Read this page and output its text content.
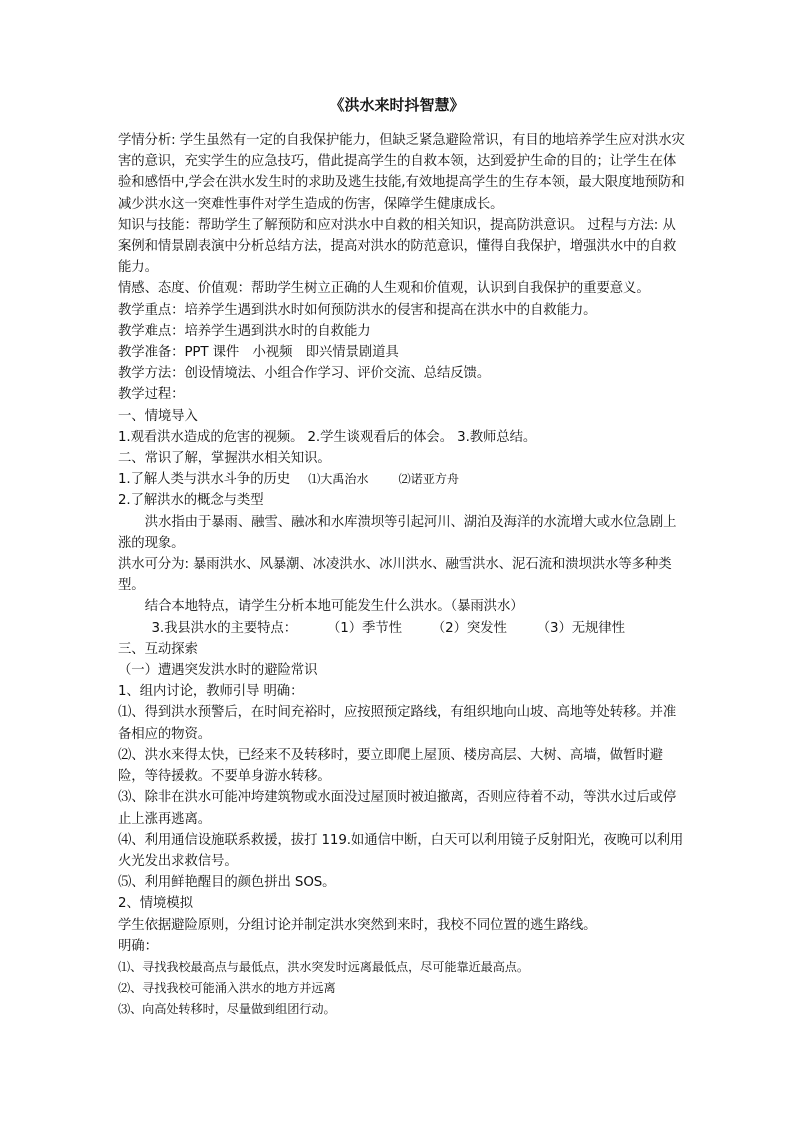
《洪水来时抖智慧》

学情分析: 学生虽然有一定的自我保护能力，但缺乏紧急避险常识，有目的地培养学生应对洪水灾害的意识，充实学生的应急技巧，借此提高学生的自救本领，达到爱护生命的目的；让学生在体验和感悟中,学会在洪水发生时的求助及逃生技能,有效地提高学生的生存本领，最大限度地预防和减少洪水这一突难性事件对学生造成的伤害，保障学生健康成长。

知识与技能：帮助学生了解预防和应对洪水中自救的相关知识，提高防洪意识。 过程与方法: 从案例和情景剧表演中分析总结方法，提高对洪水的防范意识，懂得自我保护，增强洪水中的自救能力。

情感、态度、价值观：帮助学生树立正确的人生观和价值观，认识到自我保护的重要意义。

教学重点：培养学生遇到洪水时如何预防洪水的侵害和提高在洪水中的自救能力。

教学难点：培养学生遇到洪水时的自救能力

教学准备：PPT 课件　小视频　即兴情景剧道具

教学方法：创设情境法、小组合作学习、评价交流、总结反馈。

教学过程：

一、情境导入

1.观看洪水造成的危害的视频。 2.学生谈观看后的体会。 3.教师总结。

二、常识了解，掌握洪水相关知识。

1.了解人类与洪水斗争的历史 ⑴大禹治水 ⑵诺亚方舟

2.了解洪水的概念与类型

洪水指由于暴雨、融雪、融冰和水库溃坝等引起河川、湖泊及海洋的水流增大或水位急剧上涨的现象。

洪水可分为: 暴雨洪水、风暴潮、冰凌洪水、冰川洪水、融雪洪水、泥石流和溃坝洪水等多种类型。

结合本地特点，请学生分析本地可能发生什么洪水。（暴雨洪水）

3.我县洪水的主要特点： （1）季节性 （2）突发性 （3）无规律性

三、互动探索

（一）遭遇突发洪水时的避险常识

1、组内讨论，教师引导 明确：

⑴、得到洪水预警后，在时间充裕时，应按照预定路线，有组织地向山坡、高地等处转移。并准备相应的物资。

⑵、洪水来得太快，已经来不及转移时，要立即爬上屋顶、楼房高层、大树、高墙，做暂时避险，等待援救。不要单身游水转移。

⑶、除非在洪水可能冲垮建筑物或水面没过屋顶时被迫撤离，否则应待着不动，等洪水过后或停止上涨再逃离。

⑷、利用通信设施联系救援，拔打 119.如通信中断，白天可以利用镜子反射阳光，夜晚可以利用火光发出求救信号。

⑸、利用鲜艳醒目的颜色拼出 SOS。

2、情境模拟

学生依据避险原则，分组讨论并制定洪水突然到来时，我校不同位置的逃生路线。

明确：

⑴、寻找我校最高点与最低点，洪水突发时远离最低点，尽可能靠近最高点。

⑵、寻找我校可能涌入洪水的地方并远离

⑶、向高处转移时，尽量做到组团行动。
